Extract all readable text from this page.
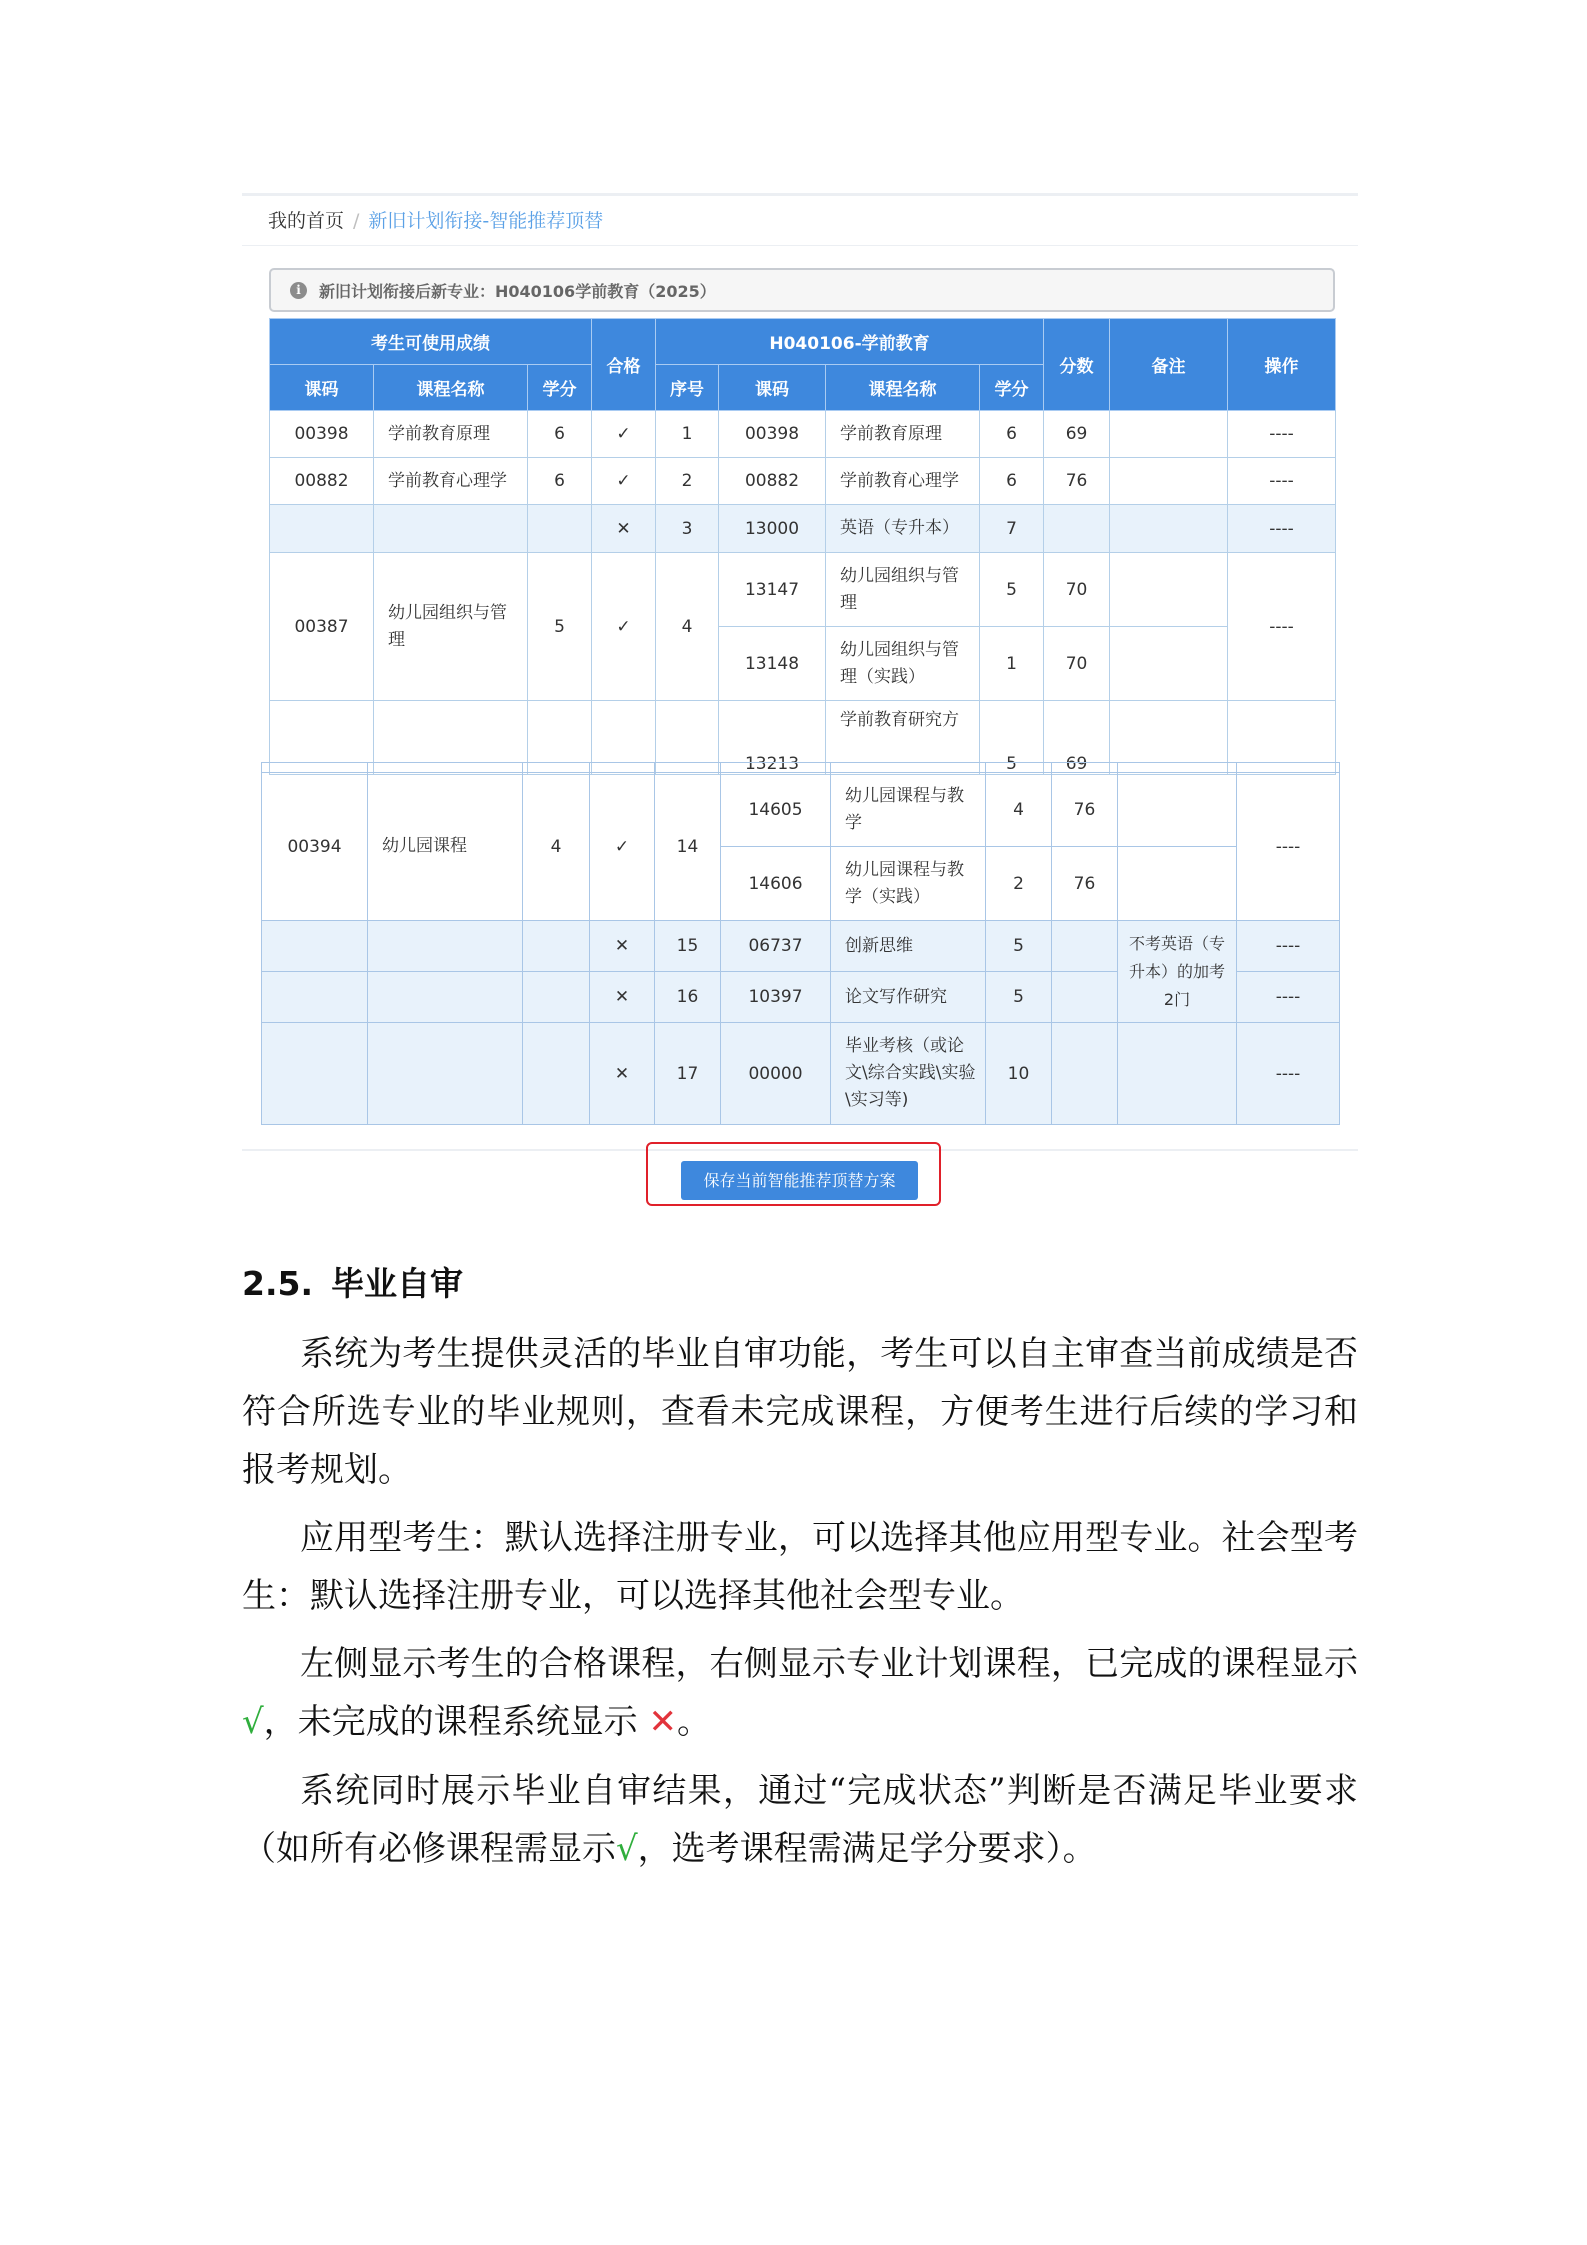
我的首页 / 新旧计划衔接-智能推荐顶替
i	新旧计划衔接后新专业：H040106学前教育（2025）
考生可使用成绩			合格	H040106-学前教育				分数	备注	操作
课码	课程名称	学分		序号	课码	课程名称	学分			
00398	学前教育原理	6	✓	1	00398	学前教育原理	6	69		----
00882	学前教育心理学	6	✓	2	00882	学前教育心理学	6	76		----
			✕	3	13000	英语（专升本）	7			----
00387	幼儿园组织与管理	5	✓	4	13147	幼儿园组织与管理	5	70		----
					13148	幼儿园组织与管理（实践）	1	70		
					13213	学前教育研究方	5	69		

00394	幼儿园课程	4	✓	14	14605	幼儿园课程与教学	4	76		----
					14606	幼儿园课程与教学（实践）	2	76		
			✕	15	06737	创新思维	5		不考英语（专升本）的加考2门	----
			✕	16	10397	论文写作研究	5			----
			✕	17	00000	毕业考核（或论文\综合实践\实验\实习等)	10			----
保存当前智能推荐顶替方案
2.5. 毕业自审

系统为考生提供灵活的毕业自审功能，考生可以自主审查当前成绩是否符合所选专业的毕业规则，查看未完成课程，方便考生进行后续的学习和报考规划。

应用型考生：默认选择注册专业，可以选择其他应用型专业。社会型考生：默认选择注册专业，可以选择其他社会型专业。

左侧显示考生的合格课程，右侧显示专业计划课程，已完成的课程显示√，未完成的课程系统显示 ✕。

系统同时展示毕业自审结果，通过“完成状态”判断是否满足毕业要求（如所有必修课程需显示√，选考课程需满足学分要求）。
